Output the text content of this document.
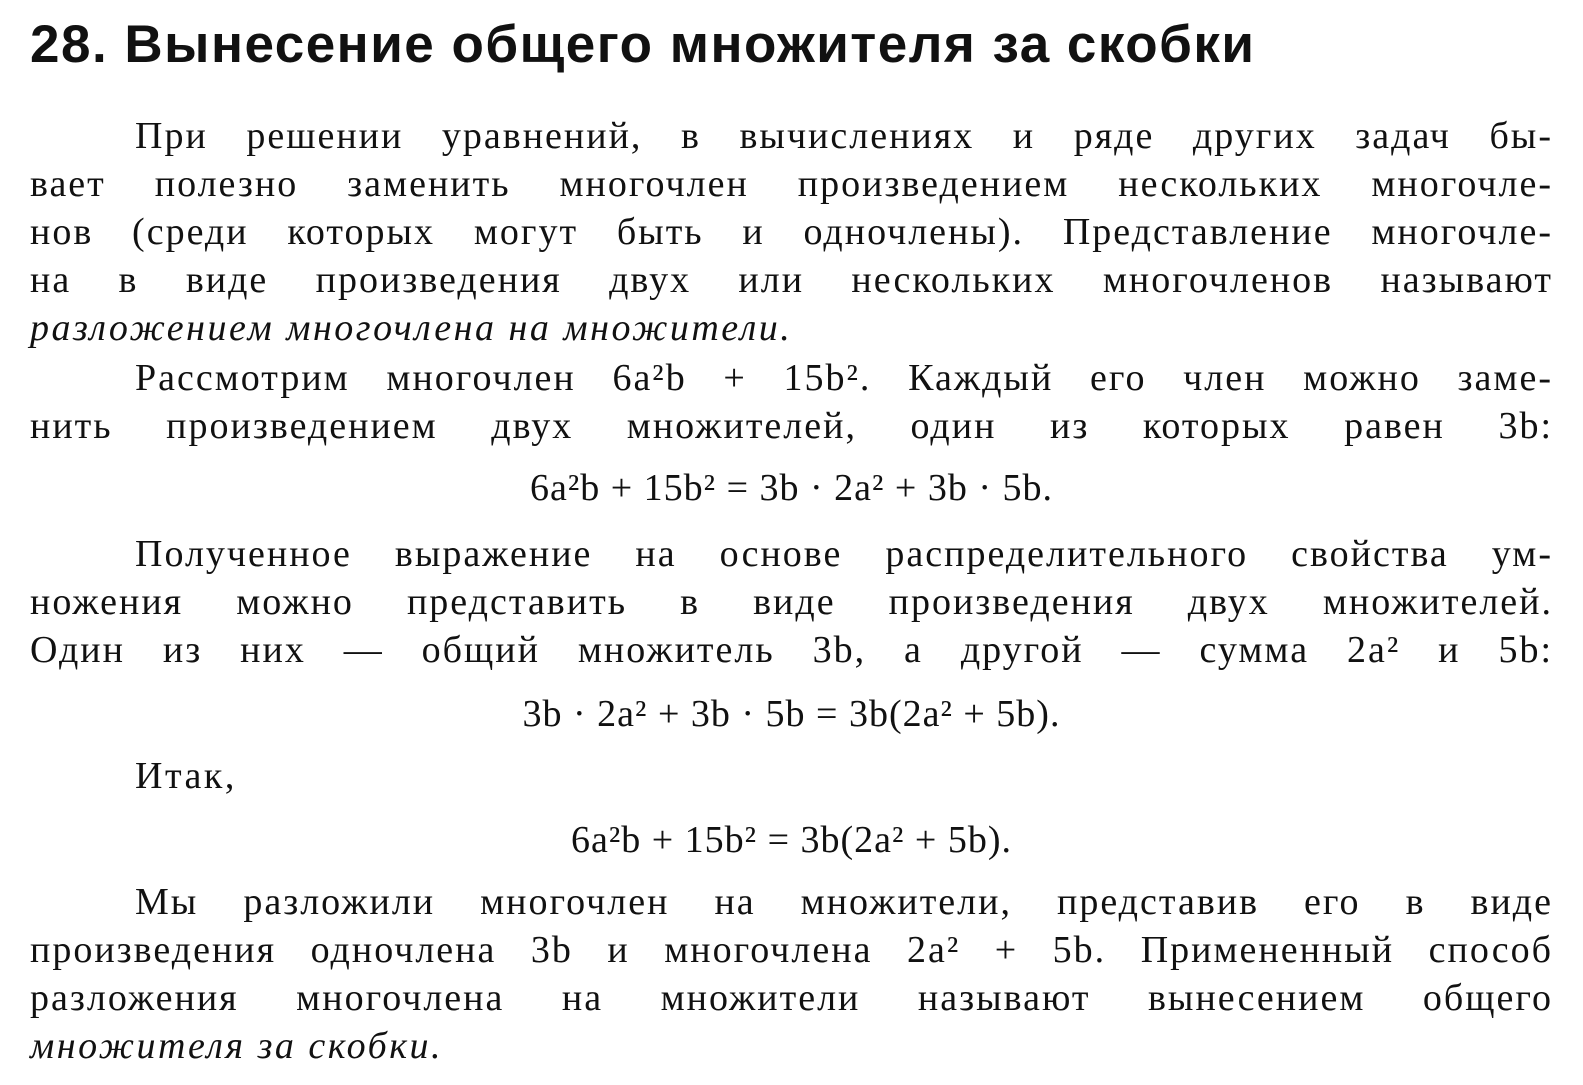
28. Вынесение общего множителя за скобки
При решении уравнений, в вычислениях и ряде других задач бы-
вает полезно заменить многочлен произведением нескольких многочле-
нов (среди которых могут быть и одночлены). Представление многочле-
на в виде произведения двух или нескольких многочленов называют
разложением многочлена на множители.
Рассмотрим многочлен 6a²b + 15b². Каждый его член можно заме-
нить произведением двух множителей, один из которых равен 3b:
6a²b + 15b² = 3b · 2a² + 3b · 5b.
Полученное выражение на основе распределительного свойства ум-
ножения можно представить в виде произведения двух множителей.
Один из них — общий множитель 3b, а другой — сумма 2a² и 5b:
3b · 2a² + 3b · 5b = 3b(2a² + 5b).
Итак,
6a²b + 15b² = 3b(2a² + 5b).
Мы разложили многочлен на множители, представив его в виде
произведения одночлена 3b и многочлена 2a² + 5b. Примененный способ
разложения многочлена на множители называют вынесением общего
множителя за скобки.
